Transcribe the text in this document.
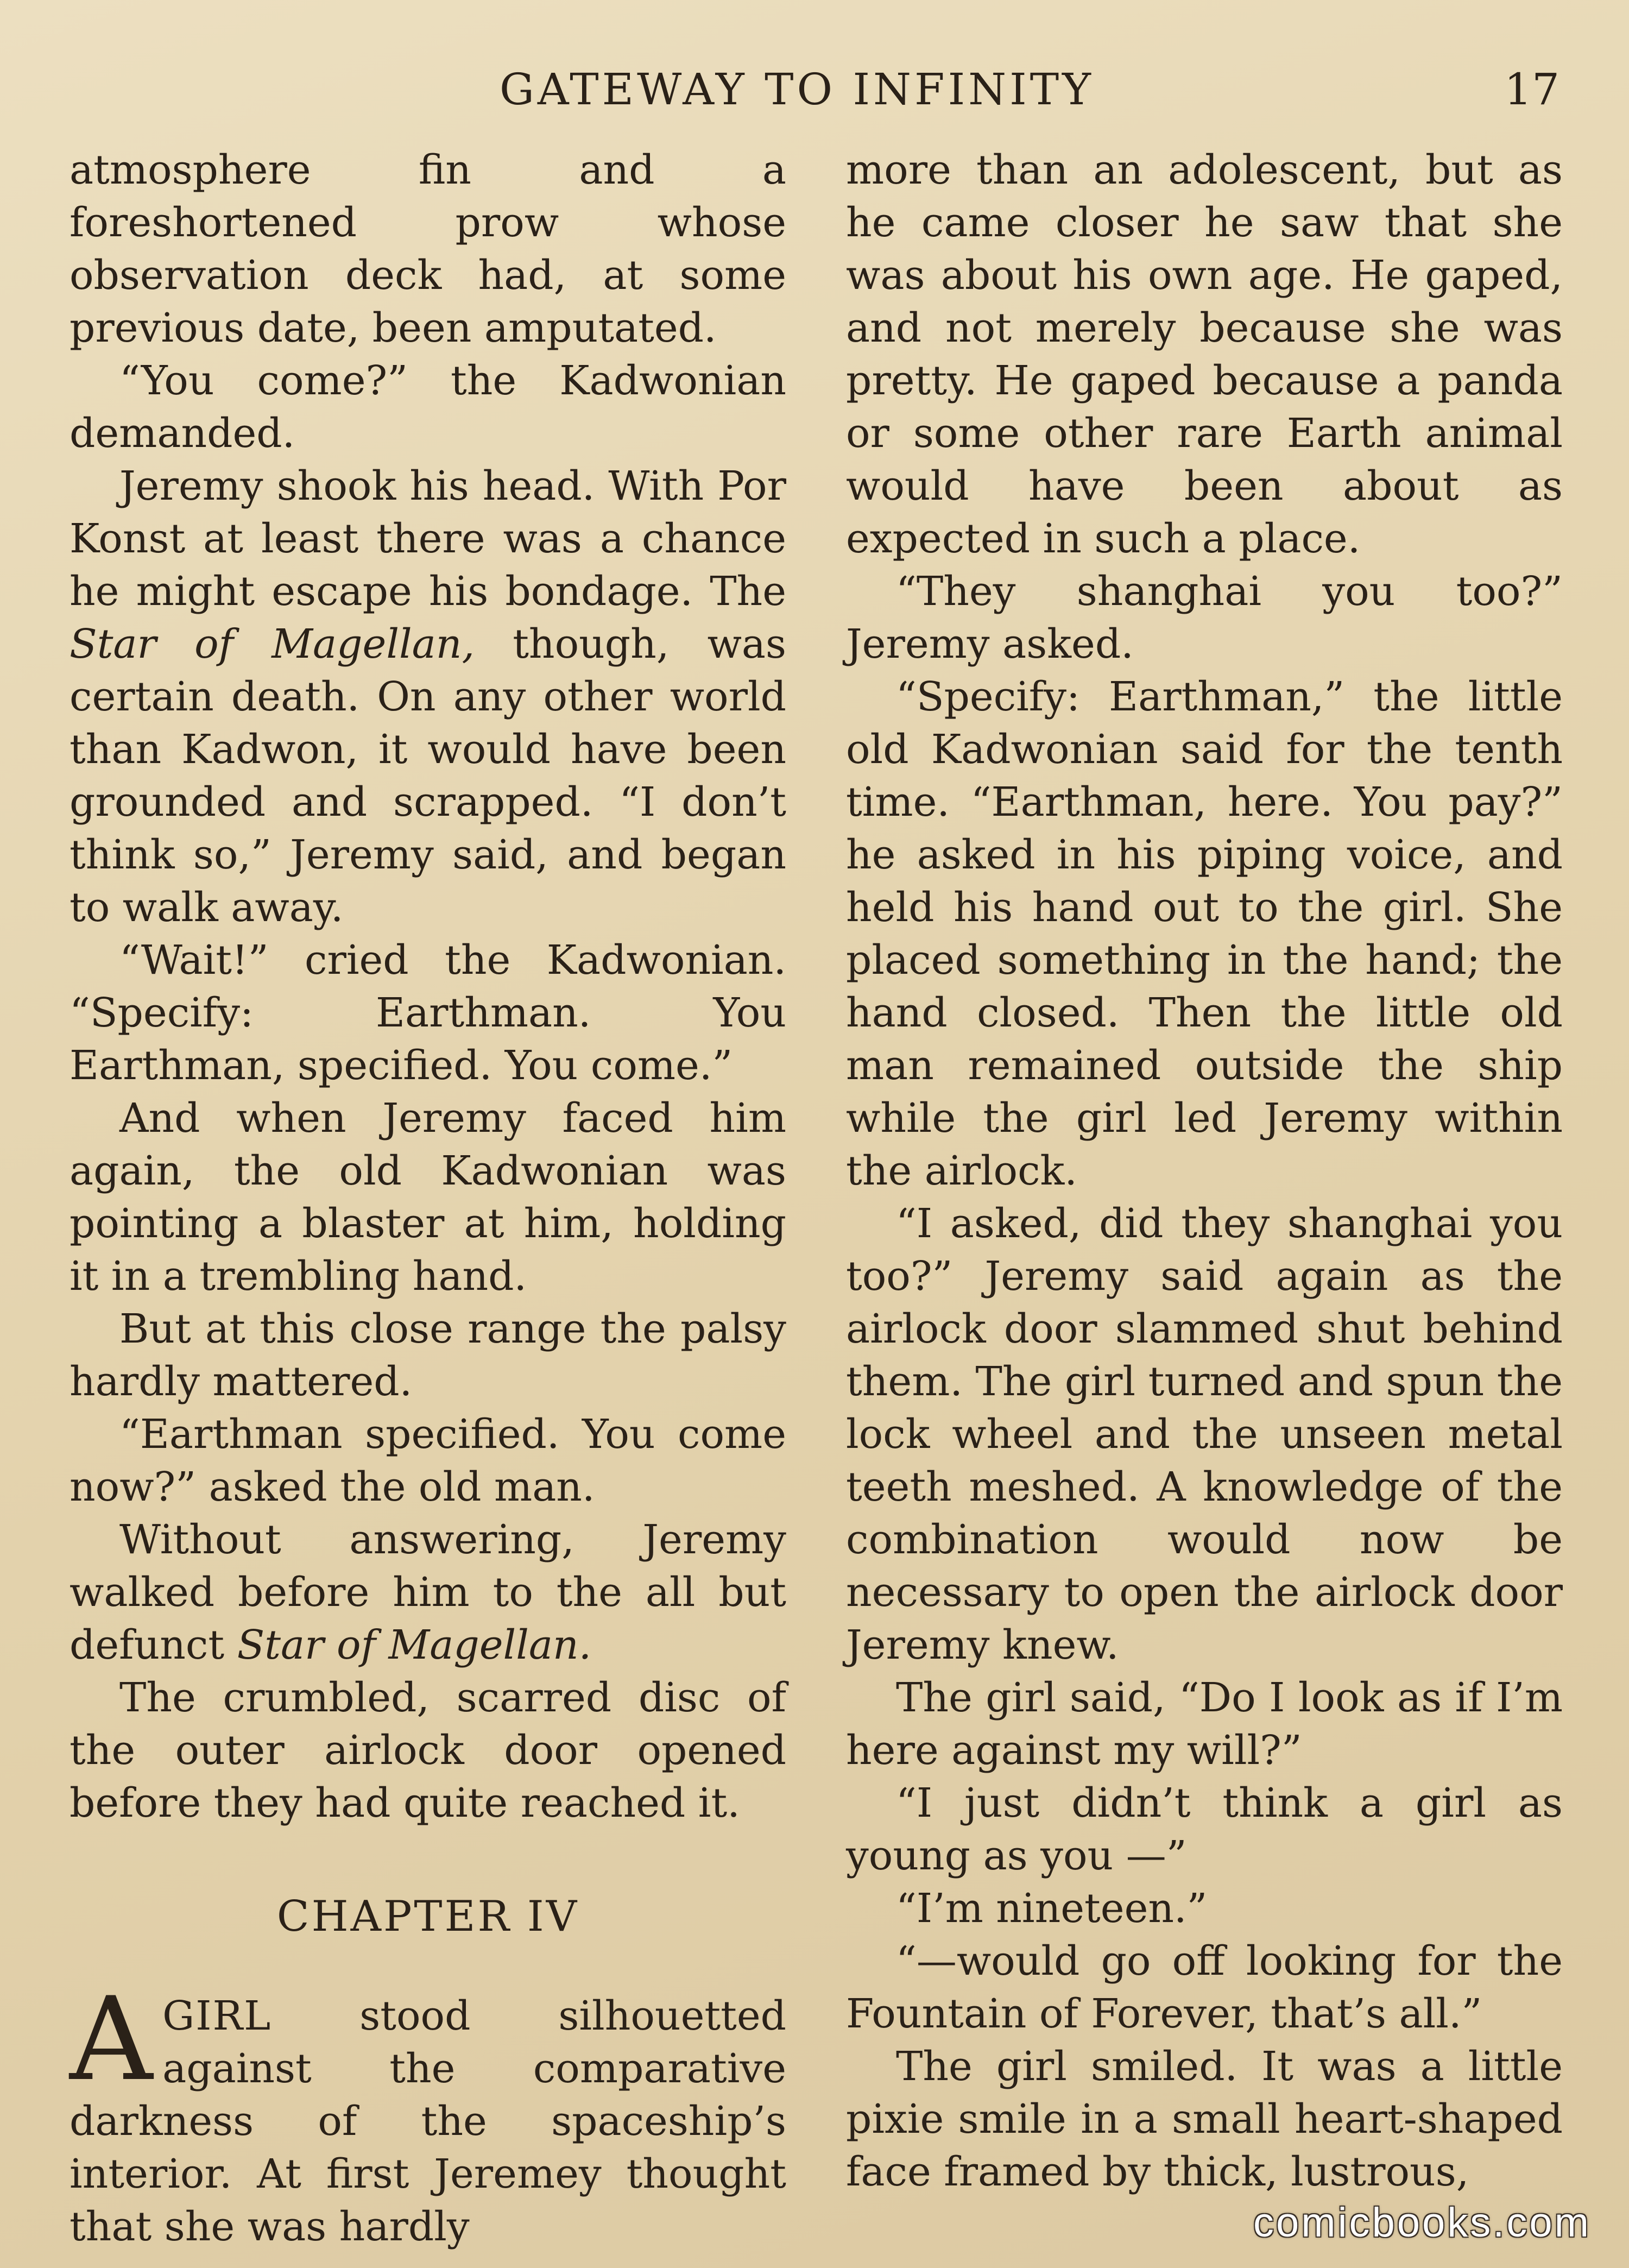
GATEWAY TO INFINITY	17

atmosphere fin and a foreshortened prow whose observation deck had, at some previous date, been amputated.

“You come?” the Kadwonian demanded.

Jeremy shook his head. With Por Konst at least there was a chance he might escape his bondage. The Star of Magellan, though, was certain death. On any other world than Kadwon, it would have been grounded and scrapped. “I don’t think so,” Jeremy said, and began to walk away.

“Wait!” cried the Kadwonian. “Specify: Earthman. You Earthman, specified. You come.”

And when Jeremy faced him again, the old Kadwonian was pointing a blaster at him, holding it in a trembling hand.

But at this close range the palsy hardly mattered.

“Earthman specified. You come now?” asked the old man.

Without answering, Jeremy walked before him to the all but defunct Star of Magellan.

The crumbled, scarred disc of the outer airlock door opened before they had quite reached it.

CHAPTER IV

AGIRL stood silhouetted against the comparative darkness of the spaceship’s interior. At first Jeremey thought that she was hardly

more than an adolescent, but as he came closer he saw that she was about his own age. He gaped, and not merely because she was pretty. He gaped because a panda or some other rare Earth animal would have been about as expected in such a place.

“They shanghai you too?” Jeremy asked.

“Specify: Earthman,” the little old Kadwonian said for the tenth time. “Earthman, here. You pay?” he asked in his piping voice, and held his hand out to the girl. She placed something in the hand; the hand closed. Then the little old man remained outside the ship while the girl led Jeremy within the airlock.

“I asked, did they shanghai you too?” Jeremy said again as the airlock door slammed shut behind them. The girl turned and spun the lock wheel and the unseen metal teeth meshed. A knowledge of the combination would now be necessary to open the airlock door Jeremy knew.

The girl said, “Do I look as if I’m here against my will?”

“I just didn’t think a girl as young as you —”

“I’m nineteen.”

“—would go off looking for the Fountain of Forever, that’s all.”

The girl smiled. It was a little pixie smile in a small heart-shaped face framed by thick, lustrous,

comicbooks.com
